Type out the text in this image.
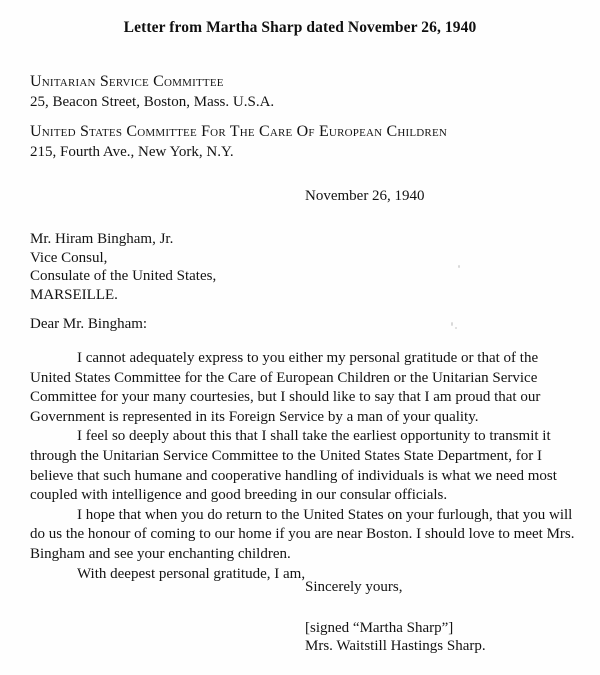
Letter from Martha Sharp dated November 26, 1940
Unitarian Service Committee
25, Beacon Street, Boston, Mass. U.S.A.
United States Committee For The Care Of European Children
215, Fourth Ave., New York, N.Y.
November 26, 1940
Mr. Hiram Bingham, Jr.
Vice Consul,
Consulate of the United States,
MARSEILLE.
Dear Mr. Bingham:

I cannot adequately express to you either my personal gratitude or that of the United States Committee for the Care of European Children or the Unitarian Service Committee for your many courtesies, but I should like to say that I am proud that our Government is represented in its Foreign Service by a man of your quality.

I feel so deeply about this that I shall take the earliest opportunity to transmit it through the Unitarian Service Committee to the United States State Department, for I believe that such humane and cooperative handling of individuals is what we need most coupled with intelligence and good breeding in our consular officials.

I hope that when you do return to the United States on your furlough, that you will do us the honour of coming to our home if you are near Boston. I should love to meet Mrs. Bingham and see your enchanting children.

With deepest personal gratitude, I am,

Sincerely yours,
[signed “Martha Sharp”]
Mrs. Waitstill Hastings Sharp.
